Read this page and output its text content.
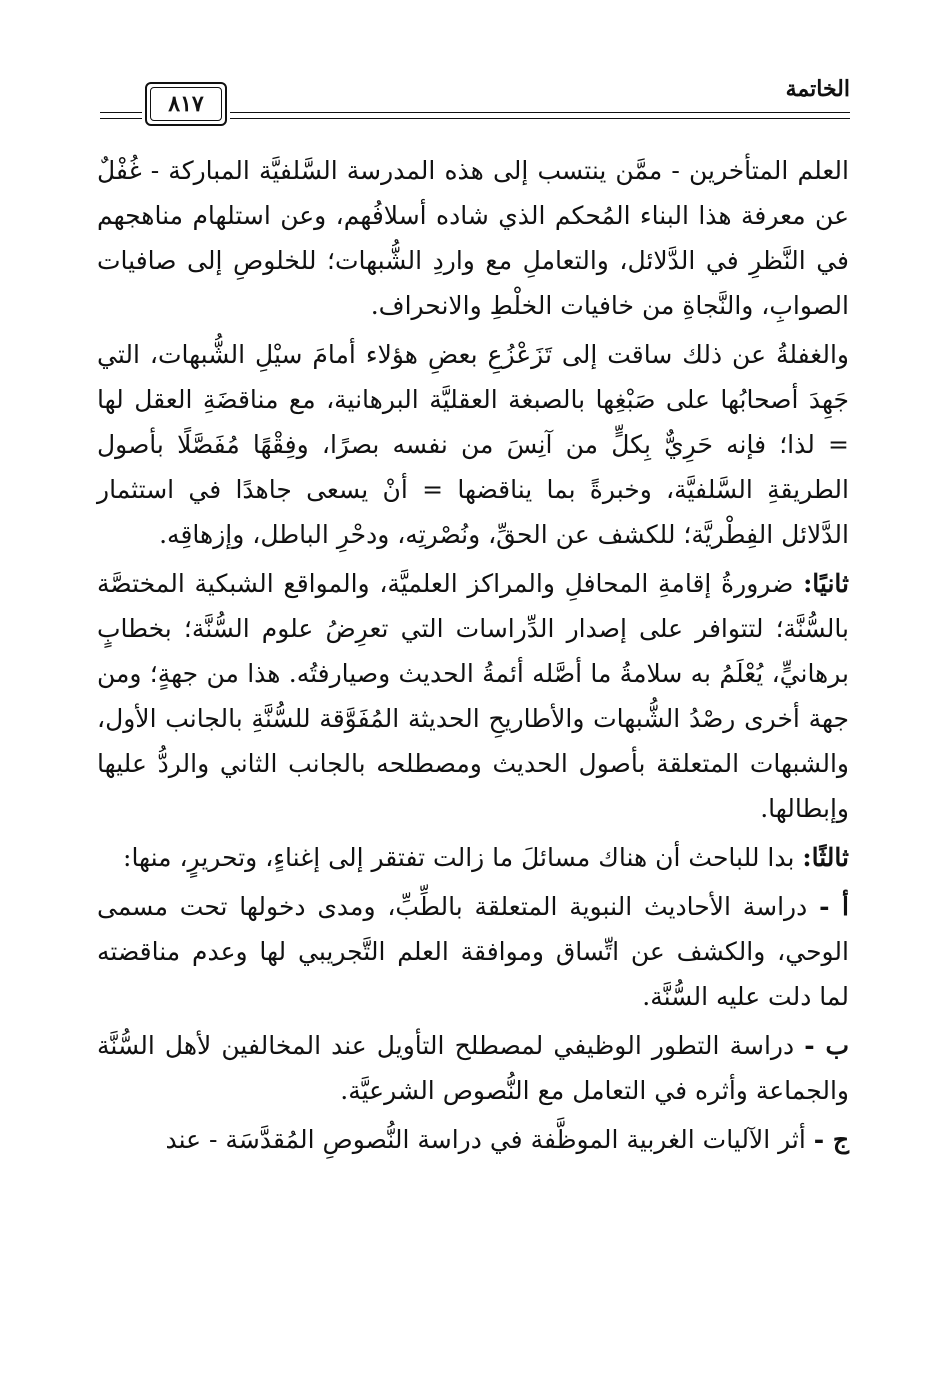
الخاتمة
٨١٧

العلم المتأخرين - ممَّن ينتسب إلى هذه المدرسة السَّلفيَّة المباركة - غُفْلٌ عن معرفة هذا البناء المُحكم الذي شاده أسلافُهم، وعن استلهام مناهجهم في النَّظرِ في الدَّلائل، والتعاملِ مع واردِ الشُّبهات؛ للخلوصِ إلى صافيات الصوابِ، والنَّجاةِ من خافيات الخلْطِ والانحراف.

والغفلةُ عن ذلك ساقت إلى تَزَعْزُعِ بعضِ هؤلاء أمامَ سيْلِ الشُّبهات، التي جَهِدَ أصحابُها على صَبْغِها بالصبغة العقليَّة البرهانية، مع مناقضَةِ العقل لها = لذا؛ فإنه حَرِيٌّ بِكلٍّ من آنِسَ من نفسه بصرًا، وفِقْهًا مُفَصَّلًا بأصول الطريقةِ السَّلفيَّة، وخبرةً بما يناقضها = أنْ يسعى جاهدًا في استثمار الدَّلائل الفِطْريَّة؛ للكشف عن الحقِّ، ونُصْرتِه، ودحْرِ الباطل، وإزهاقِه.

ثانيًا: ضرورةُ إقامةِ المحافلِ والمراكز العلميَّة، والمواقع الشبكية المختصَّة بالسُّنَّة؛ لتتوافر على إصدار الدِّراسات التي تعرِضُ علوم السُّنَّة؛ بخطابٍ برهانيٍّ، يُعْلَمُ به سلامةُ ما أصَّله أئمةُ الحديث وصيارفتُه. هذا من جهةٍ؛ ومن جهة أخرى رصْدُ الشُّبهات والأطاريحِ الحديثة المُفَوَّقة للسُّنَّةِ بالجانب الأول، والشبهات المتعلقة بأصول الحديث ومصطلحه بالجانب الثاني والردُّ عليها وإبطالها.

ثالثًا: بدا للباحث أن هناك مسائلَ ما زالت تفتقر إلى إغناءٍ، وتحريرٍ، منها:

أ - دراسة الأحاديث النبوية المتعلقة بالطِّبِّ، ومدى دخولها تحت مسمى الوحي، والكشف عن اتِّساق وموافقة العلم التَّجريبي لها وعدم مناقضته لما دلت عليه السُّنَّة.

ب - دراسة التطور الوظيفي لمصطلح التأويل عند المخالفين لأهل السُّنَّة والجماعة وأثره في التعامل مع النُّصوص الشرعيَّة.

ج - أثر الآليات الغربية الموظَّفة في دراسة النُّصوصِ المُقدَّسَة - عند
